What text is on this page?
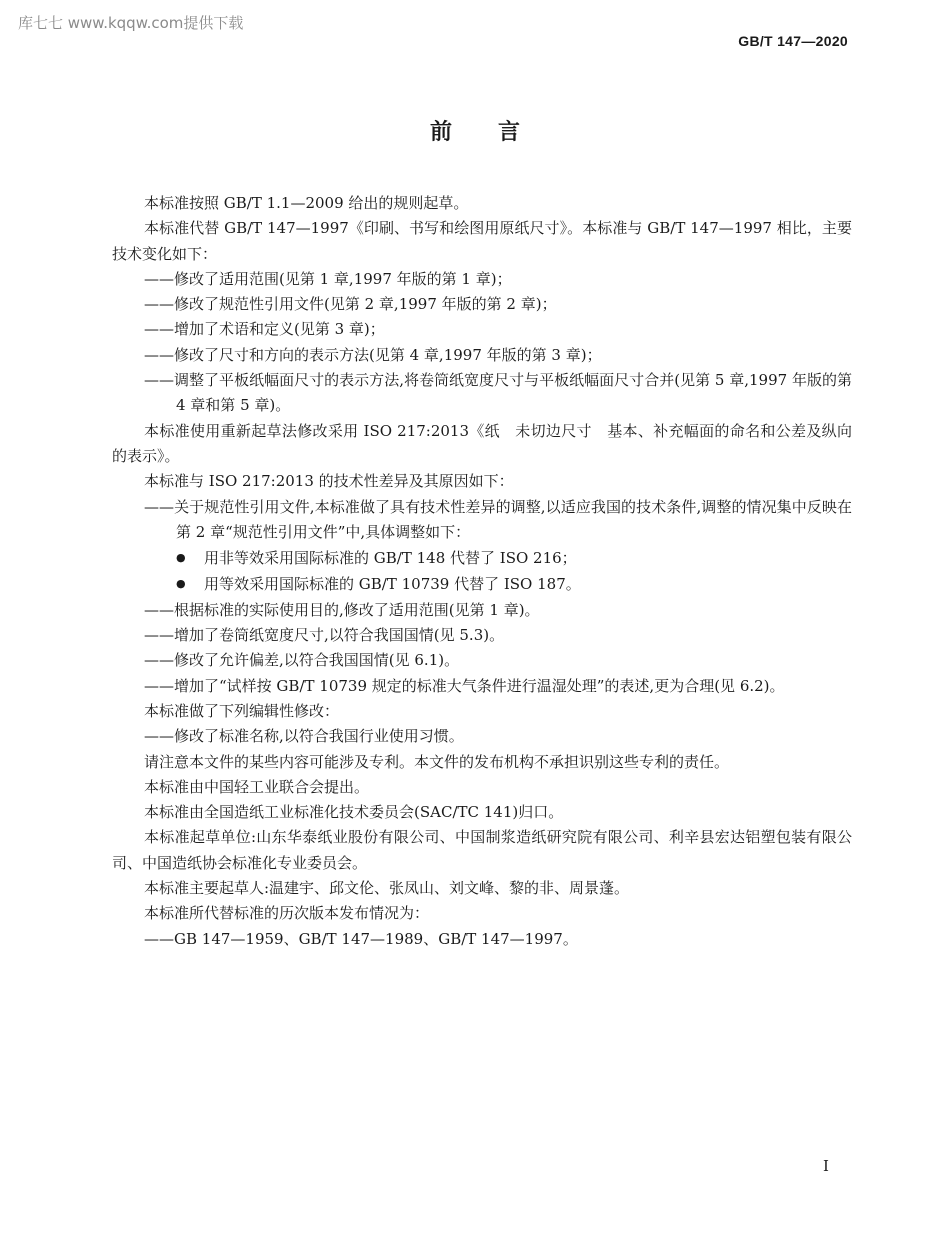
库七七 www.kqqw.com提供下载
GB/T 147—2020
前言
本标准按照 GB/T 1.1—2009 给出的规则起草。
本标准代替 GB/T 147—1997《印刷、书写和绘图用原纸尺寸》。本标准与 GB/T 147—1997 相比，主要技术变化如下：
——修改了适用范围(见第 1 章,1997 年版的第 1 章)；
——修改了规范性引用文件(见第 2 章,1997 年版的第 2 章)；
——增加了术语和定义(见第 3 章)；
——修改了尺寸和方向的表示方法(见第 4 章,1997 年版的第 3 章)；
——调整了平板纸幅面尺寸的表示方法,将卷筒纸宽度尺寸与平板纸幅面尺寸合并(见第 5 章,1997 年版的第 4 章和第 5 章)。
本标准使用重新起草法修改采用 ISO 217:2013《纸　未切边尺寸　基本、补充幅面的命名和公差及纵向的表示》。
本标准与 ISO 217:2013 的技术性差异及其原因如下：
——关于规范性引用文件,本标准做了具有技术性差异的调整,以适应我国的技术条件,调整的情况集中反映在第 2 章“规范性引用文件”中,具体调整如下：
● 用非等效采用国际标准的 GB/T 148 代替了 ISO 216；
● 用等效采用国际标准的 GB/T 10739 代替了 ISO 187。
——根据标准的实际使用目的,修改了适用范围(见第 1 章)。
——增加了卷筒纸宽度尺寸,以符合我国国情(见 5.3)。
——修改了允许偏差,以符合我国国情(见 6.1)。
——增加了“试样按 GB/T 10739 规定的标准大气条件进行温湿处理”的表述,更为合理(见 6.2)。
本标准做了下列编辑性修改：
——修改了标准名称,以符合我国行业使用习惯。
请注意本文件的某些内容可能涉及专利。本文件的发布机构不承担识别这些专利的责任。
本标准由中国轻工业联合会提出。
本标准由全国造纸工业标准化技术委员会(SAC/TC 141)归口。
本标准起草单位:山东华泰纸业股份有限公司、中国制浆造纸研究院有限公司、利辛县宏达铝塑包装有限公司、中国造纸协会标准化专业委员会。
本标准主要起草人:温建宇、邱文伦、张凤山、刘文峰、黎的非、周景蓬。
本标准所代替标准的历次版本发布情况为：
——GB 147—1959、GB/T 147—1989、GB/T 147—1997。
I
